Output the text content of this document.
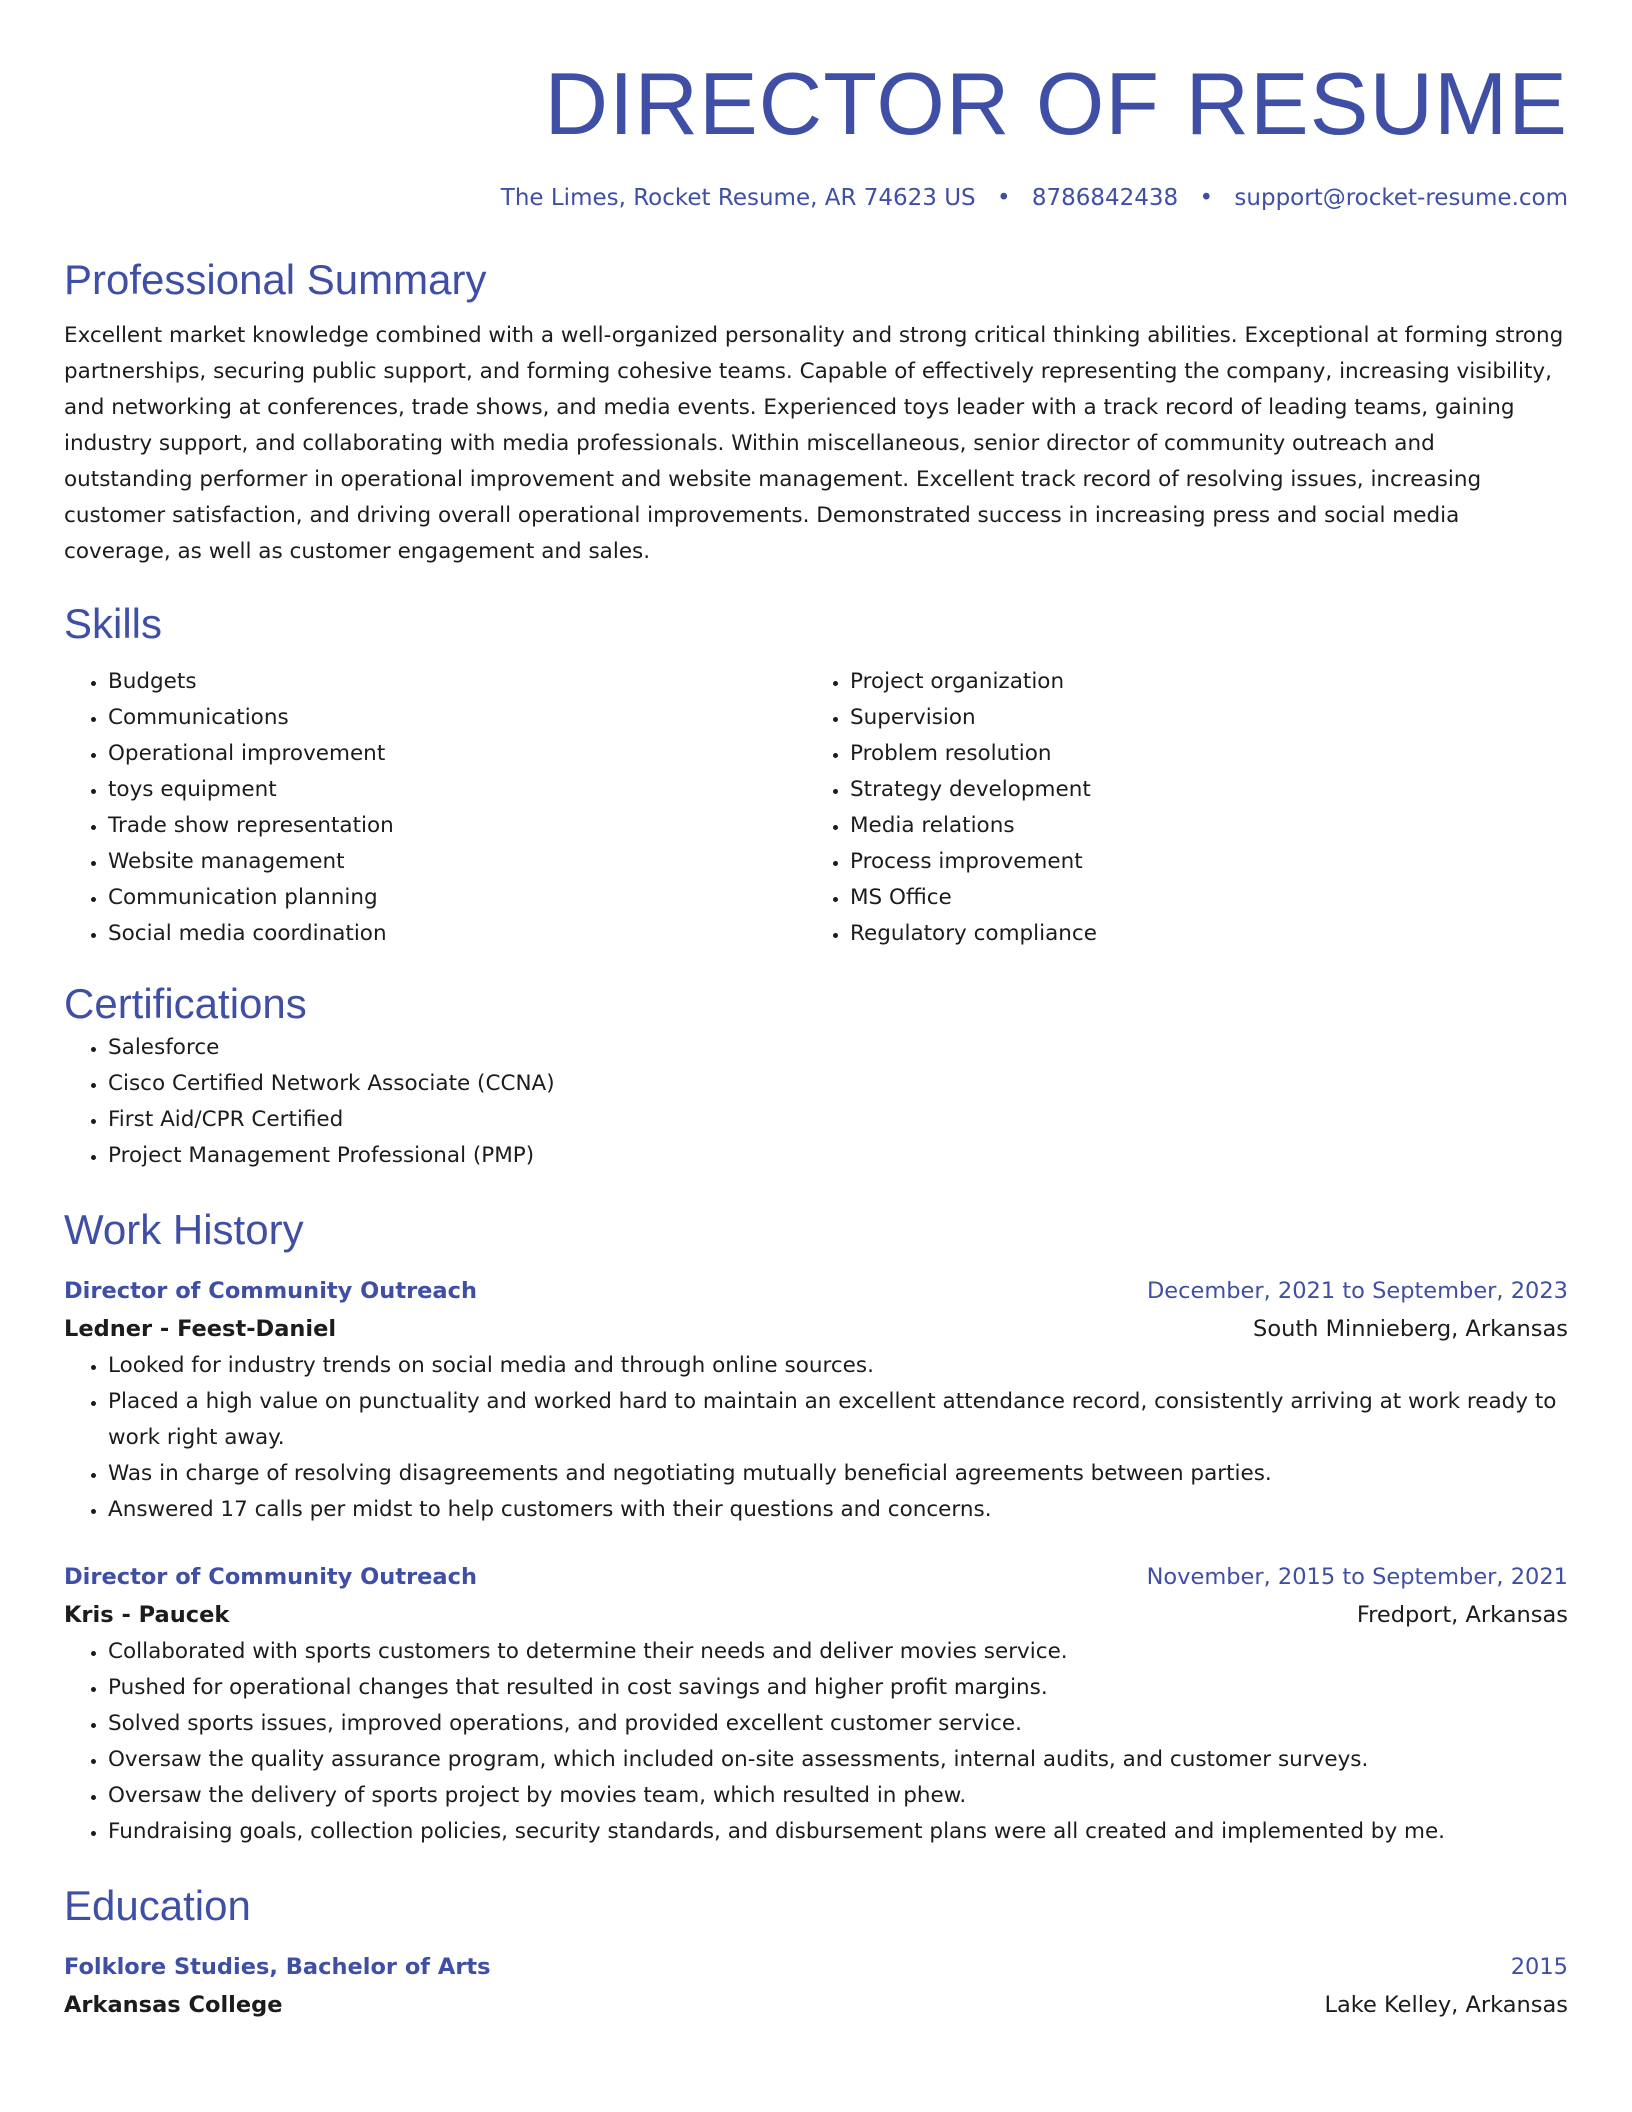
DIRECTOR OF RESUME
The Limes, Rocket Resume, AR 74623 US • 8786842438 • support@rocket-resume.com
Professional Summary

Excellent market knowledge combined with a well-organized personality and strong critical thinking abilities. Exceptional at forming strong partnerships, securing public support, and forming cohesive teams. Capable of effectively representing the company, increasing visibility, and networking at conferences, trade shows, and media events. Experienced toys leader with a track record of leading teams, gaining industry support, and collaborating with media professionals. Within miscellaneous, senior director of community outreach and outstanding performer in operational improvement and website management. Excellent track record of resolving issues, increasing customer satisfaction, and driving overall operational improvements. Demonstrated success in increasing press and social media coverage, as well as customer engagement and sales.

Skills
• Budgets
• Communications
• Operational improvement
• toys equipment
• Trade show representation
• Website management
• Communication planning
• Social media coordination
• Project organization
• Supervision
• Problem resolution
• Strategy development
• Media relations
• Process improvement
• MS Office
• Regulatory compliance
Certifications
• Salesforce
• Cisco Certified Network Associate (CCNA)
• First Aid/CPR Certified
• Project Management Professional (PMP)
Work History
Director of Community Outreach	December, 2021 to September, 2023
Ledner - Feest-Daniel	South Minnieberg, Arkansas
• Looked for industry trends on social media and through online sources.
• Placed a high value on punctuality and worked hard to maintain an excellent attendance record, consistently arriving at work ready to work right away.
• Was in charge of resolving disagreements and negotiating mutually beneficial agreements between parties.
• Answered 17 calls per midst to help customers with their questions and concerns.
Director of Community Outreach	November, 2015 to September, 2021
Kris - Paucek	Fredport, Arkansas
• Collaborated with sports customers to determine their needs and deliver movies service.
• Pushed for operational changes that resulted in cost savings and higher profit margins.
• Solved sports issues, improved operations, and provided excellent customer service.
• Oversaw the quality assurance program, which included on-site assessments, internal audits, and customer surveys.
• Oversaw the delivery of sports project by movies team, which resulted in phew.
• Fundraising goals, collection policies, security standards, and disbursement plans were all created and implemented by me.
Education
Folklore Studies, Bachelor of Arts	2015
Arkansas College	Lake Kelley, Arkansas
